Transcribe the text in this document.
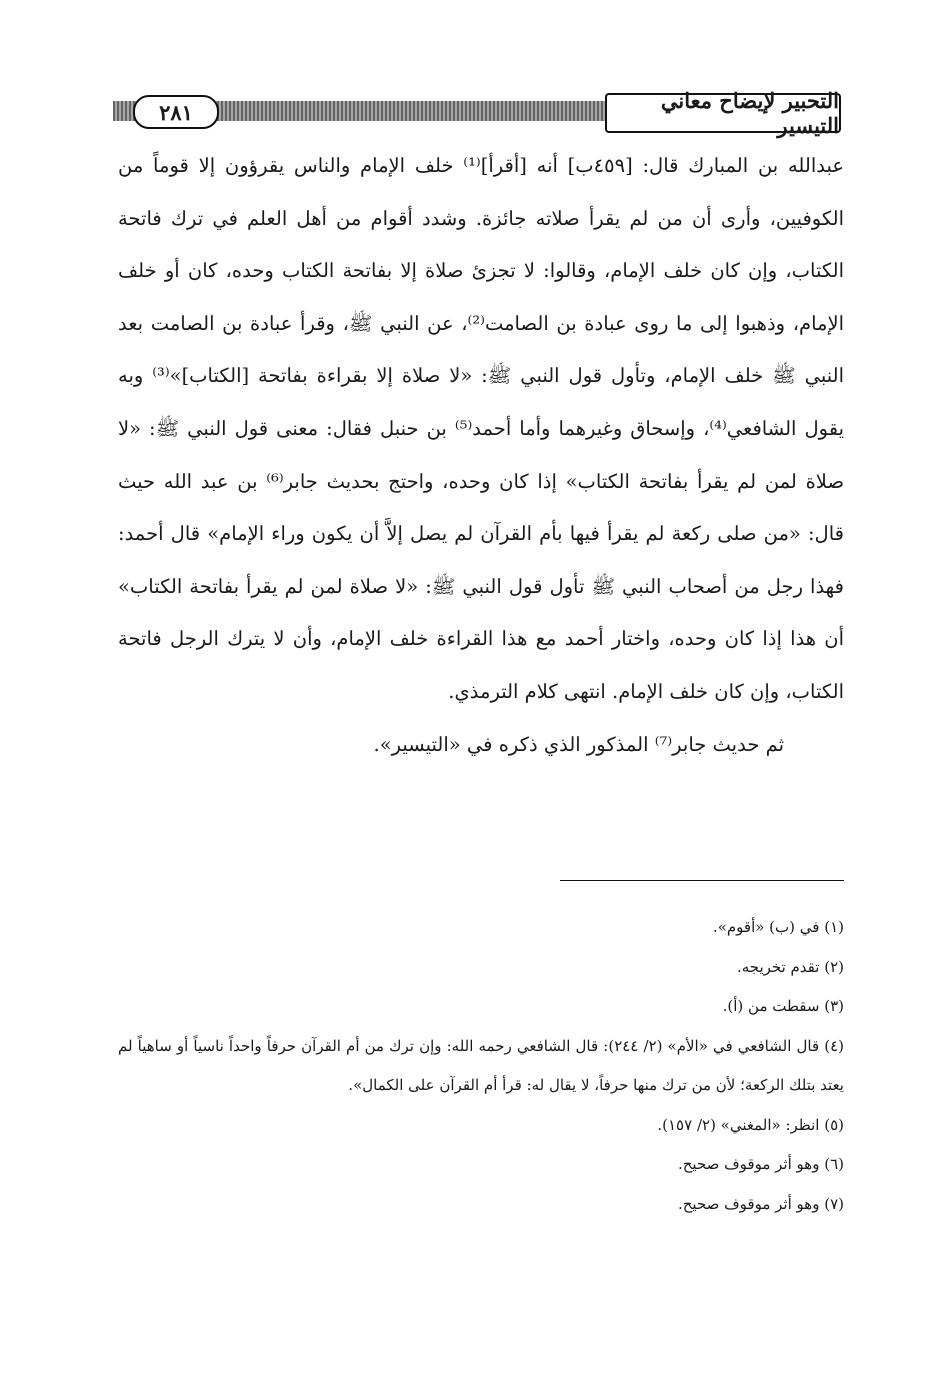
٢٨١	التحبير لإيضاح معاني التيسير

عبدالله بن المبارك قال: [٤٥٩ب] أنه [أقرأ]⁽¹⁾ خلف الإمام والناس يقرؤون إلا قوماً من الكوفيين، وأرى أن من لم يقرأ صلاته جائزة. وشدد أقوام من أهل العلم في ترك فاتحة الكتاب، وإن كان خلف الإمام، وقالوا: لا تجزئ صلاة إلا بفاتحة الكتاب وحده، كان أو خلف الإمام، وذهبوا إلى ما روى عبادة بن الصامت⁽²⁾، عن النبي ﷺ، وقرأ عبادة بن الصامت بعد النبي ﷺ خلف الإمام، وتأول قول النبي ﷺ: «لا صلاة إلا بقراءة بفاتحة [الكتاب]»⁽³⁾ وبه يقول الشافعي⁽⁴⁾، وإسحاق وغيرهما وأما أحمد⁽⁵⁾ بن حنبل فقال: معنى قول النبي ﷺ: «لا صلاة لمن لم يقرأ بفاتحة الكتاب» إذا كان وحده، واحتج بحديث جابر⁽⁶⁾ بن عبد الله حيث قال: «من صلى ركعة لم يقرأ فيها بأم القرآن لم يصل إلاَّ أن يكون وراء الإمام» قال أحمد: فهذا رجل من أصحاب النبي ﷺ تأول قول النبي ﷺ: «لا صلاة لمن لم يقرأ بفاتحة الكتاب» أن هذا إذا كان وحده، واختار أحمد مع هذا القراءة خلف الإمام، وأن لا يترك الرجل فاتحة الكتاب، وإن كان خلف الإمام. انتهى كلام الترمذي.

ثم حديث جابر⁽⁷⁾ المذكور الذي ذكره في «التيسير».

(١) في (ب) «أقوم».

(٢) تقدم تخريجه.

(٣) سقطت من (أ).

(٤) قال الشافعي في «الأم» (٢/ ٢٤٤): قال الشافعي رحمه الله: وإن ترك من أم القرآن حرفاً واحداً ناسياً أو ساهياً لم يعتد بتلك الركعة؛ لأن من ترك منها حرفاً، لا يقال له: قرأ أم القرآن على الكمال».

(٥) انظر: «المغني» (٢/ ١٥٧).

(٦) وهو أثر موقوف صحيح.

(٧) وهو أثر موقوف صحيح.
